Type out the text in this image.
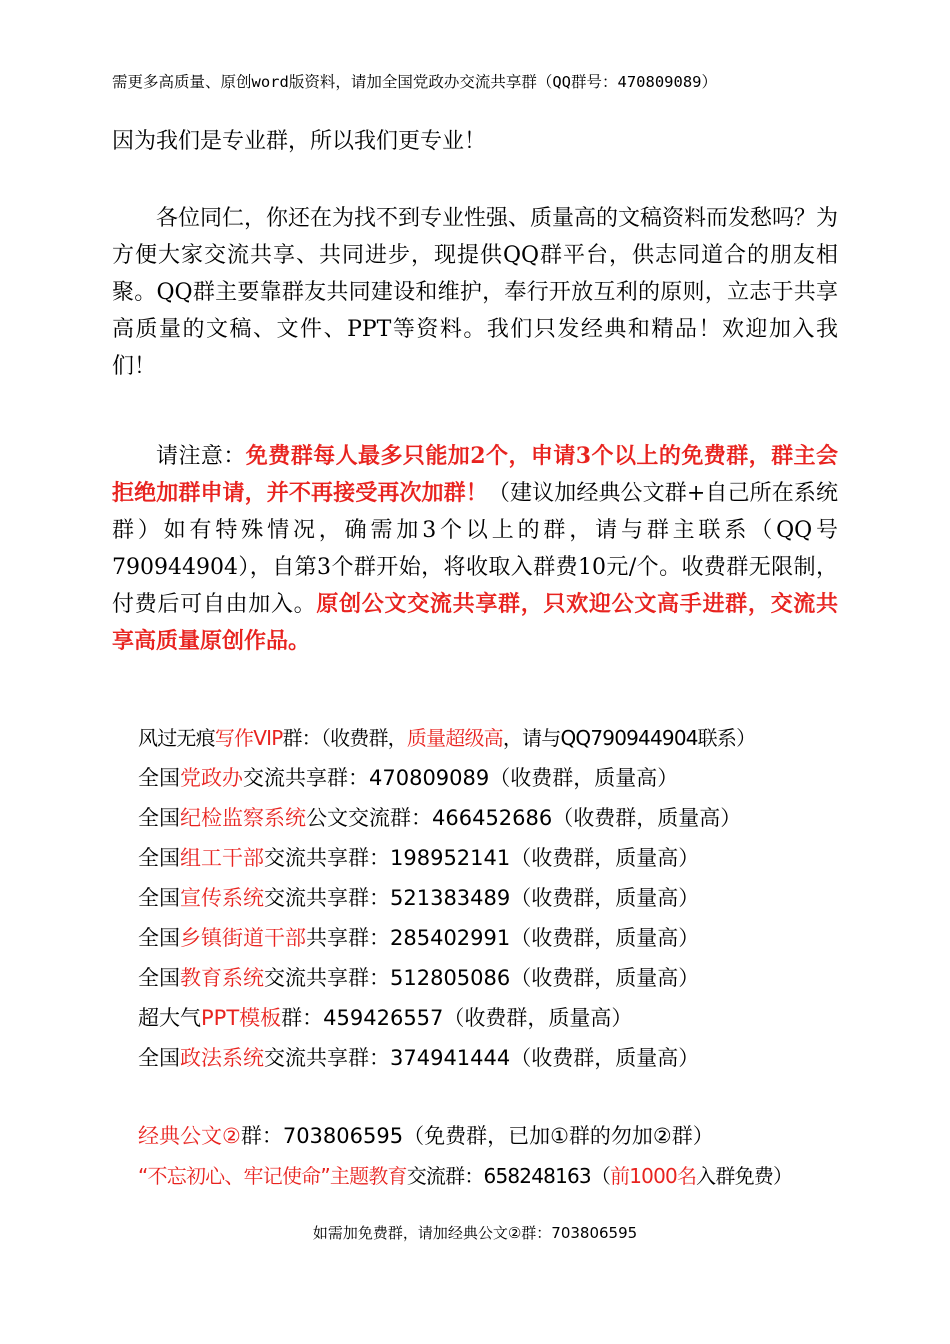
需更多高质量、原创word版资料，请加全国党政办交流共享群（QQ群号：470809089）
因为我们是专业群，所以我们更专业！
各位同仁，你还在为找不到专业性强、质量高的文稿资料而发愁吗？为方便大家交流共享、共同进步，现提供QQ群平台，供志同道合的朋友相聚。QQ群主要靠群友共同建设和维护，奉行开放互利的原则，立志于共享高质量的文稿、文件、PPT等资料。我们只发经典和精品！欢迎加入我们！
请注意：免费群每人最多只能加2个，申请3个以上的免费群，群主会拒绝加群申请，并不再接受再次加群！（建议加经典公文群+自己所在系统群）如有特殊情况，确需加3个以上的群，请与群主联系（QQ号790944904），自第3个群开始，将收取入群费10元/个。收费群无限制，付费后可自由加入。原创公文交流共享群，只欢迎公文高手进群，交流共享高质量原创作品。
风过无痕写作VIP群：（收费群，质量超级高，请与QQ790944904联系）
全国党政办交流共享群：470809089（收费群，质量高）
全国纪检监察系统公文交流群：466452686（收费群，质量高）
全国组工干部交流共享群：198952141（收费群，质量高）
全国宣传系统交流共享群：521383489（收费群，质量高）
全国乡镇街道干部共享群：285402991（收费群，质量高）
全国教育系统交流共享群：512805086（收费群，质量高）
超大气PPT模板群：459426557（收费群，质量高）
全国政法系统交流共享群：374941444（收费群，质量高）
经典公文②群：703806595（免费群，已加①群的勿加②群）
“不忘初心、牢记使命”主题教育交流群：658248163（前1000名入群免费）
如需加免费群，请加经典公文②群：703806595
